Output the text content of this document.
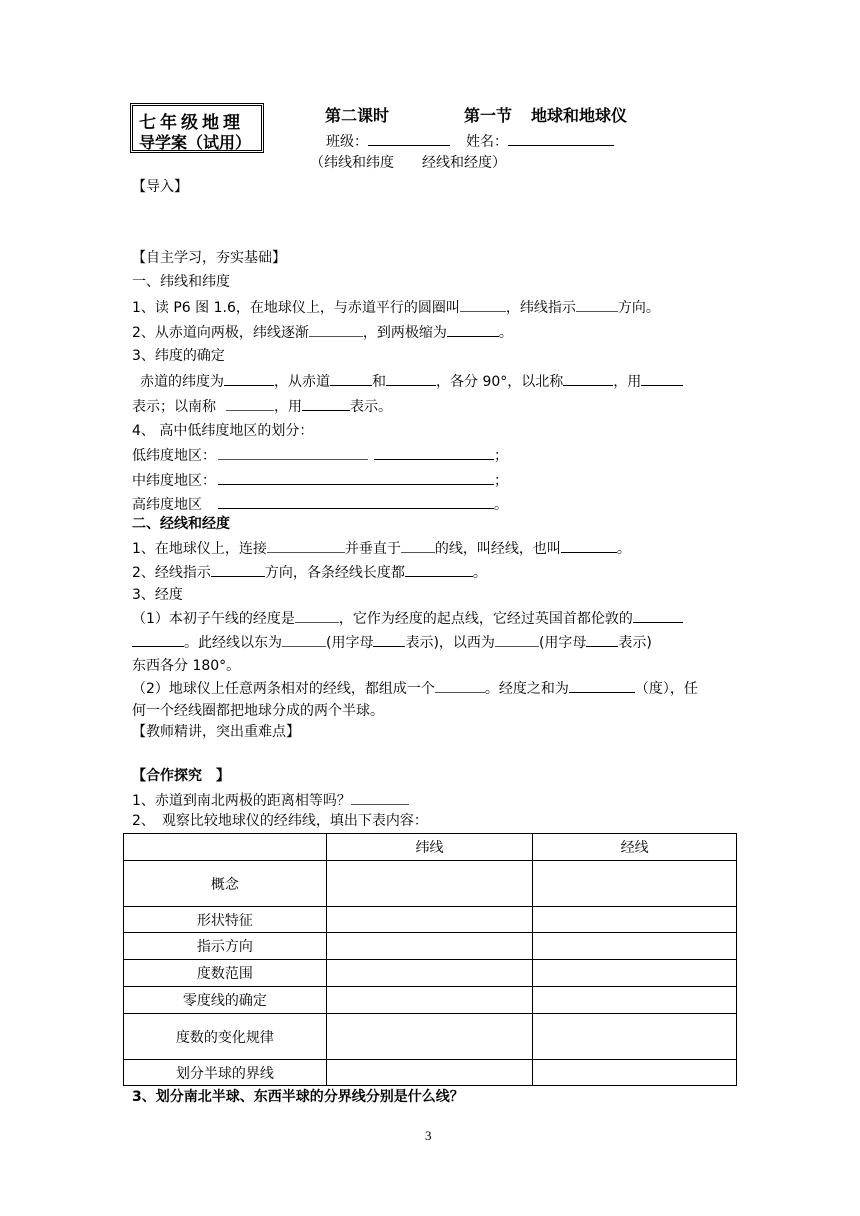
七年级地理
导学案（试用）
第二课时	第一节 地球和地球仪
班级：	姓名：
（纬线和纬度　　经线和经度）
【导入】
【自主学习，夯实基础】
一、纬线和纬度
1、读 P6 图 1.6，在地球仪上，与赤道平行的圆圈叫	，纬线指示	方向。
2、从赤道向两极，纬线逐渐	，到两极缩为	。
3、纬度的确定
赤道的纬度为	，从赤道	和	，各分 90°，以北称	，用
表示；以南称	，用	表示。
4、 高中低纬度地区的划分：
低纬度地区：	；
中纬度地区：	；
高纬度地区	。
二、经线和经度
1、在地球仪上，连接	并垂直于 的线，叫经线，也叫	。
2、经线指示	方向，各条经线长度都	。
3、经度
（1）本初子午线的经度是	，它作为经度的起点线，它经过英国首都伦敦的
。此经线以东为	(用字母 表示)，以西为	(用字母 表示)
东西各分 180°。
（2）地球仪上任意两条相对的经线，都组成一个	。经度之和为	（度），任
何一个经线圈都把地球分成的两个半球。
【教师精讲，突出重难点】
【合作探究　】
1、赤道到南北两极的距离相等吗？
2、　观察比较地球仪的经纬线，填出下表内容：
	纬线	经线
概念		
形状特征		
指示方向		
度数范围		
零度线的确定		
度数的变化规律		
划分半球的界线		
3、划分南北半球、东西半球的分界线分别是什么线？
3
